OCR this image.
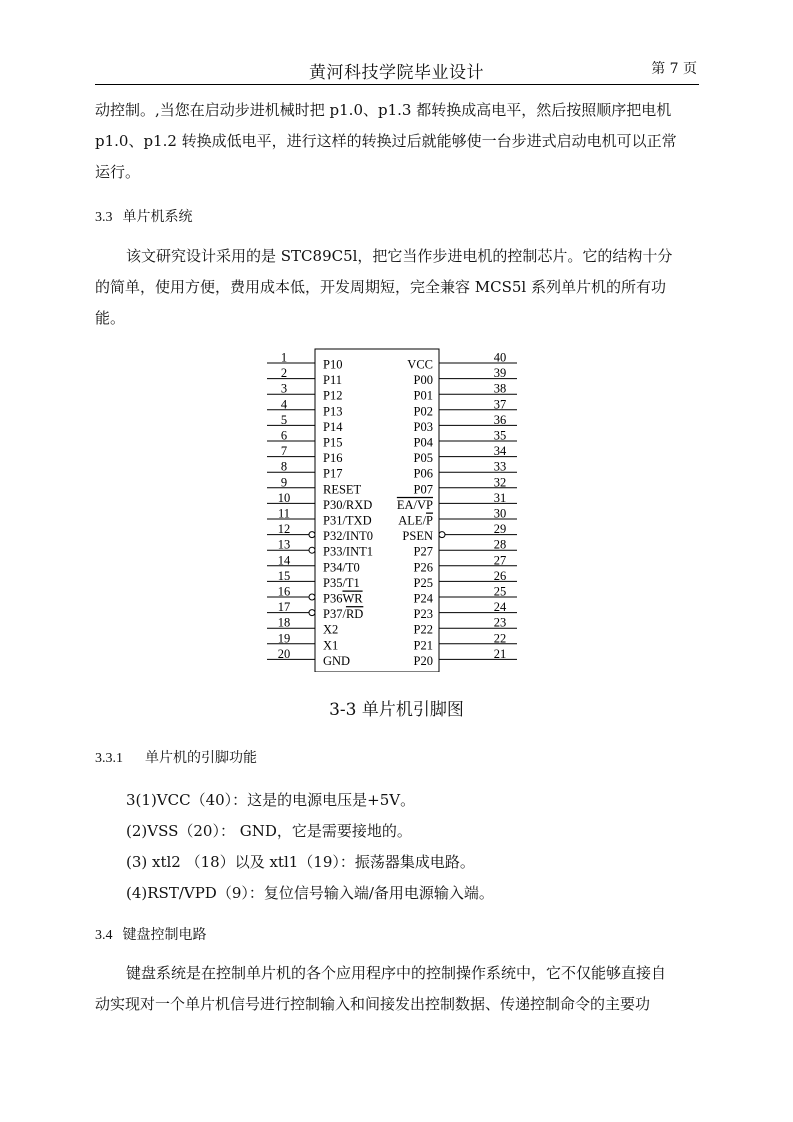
黄河科技学院毕业设计	第 7 页
动控制。,当您在启动步进机械时把 p1.0、p1.3 都转换成高电平，然后按照顺序把电机
p1.0、p1.2 转换成低电平，进行这样的转换过后就能够使一台步进式启动电机可以正常
运行。
3.3 单片机系统
该文研究设计采用的是 STC89C5l，把它当作步进电机的控制芯片。它的结构十分
的简单，使用方便，费用成本低，开发周期短，完全兼容 MCS5l 系列单片机的所有功
能。
1	P10
2	P11
3	P12
4	P13
5	P14
6	P15
7	P16
8	P17
9	RESET
10	P30/RXD
11	P31/TXD
12	P32/INT0
13	P33/INT1
14	P34/T0
15	P35/T1
16	P36WR
17	P37/RD
18	X2
19	X1
20	GND
40
VCC
39
P00
38
P01
37
P02
36
P03
35
P04
34
P05
33
P06
32
P07
31
EA/VP
30
ALE/P
29
PSEN
28
P27
27
P26
26
P25
25
P24
24
P23
23
P22
22
P21
21
P20
3-3 单片机引脚图
3.3.1 单片机的引脚功能
3(1)VCC（40）：这是的电源电压是+5V。
(2)VSS（20）： GND，它是需要接地的。
(3) xtl2 （18）以及 xtl1（19）：振荡器集成电路。
(4)RST/VPD（9）：复位信号输入端/备用电源输入端。
3.4 键盘控制电路
键盘系统是在控制单片机的各个应用程序中的控制操作系统中，它不仅能够直接自
动实现对一个单片机信号进行控制输入和间接发出控制数据、传递控制命令的主要功
